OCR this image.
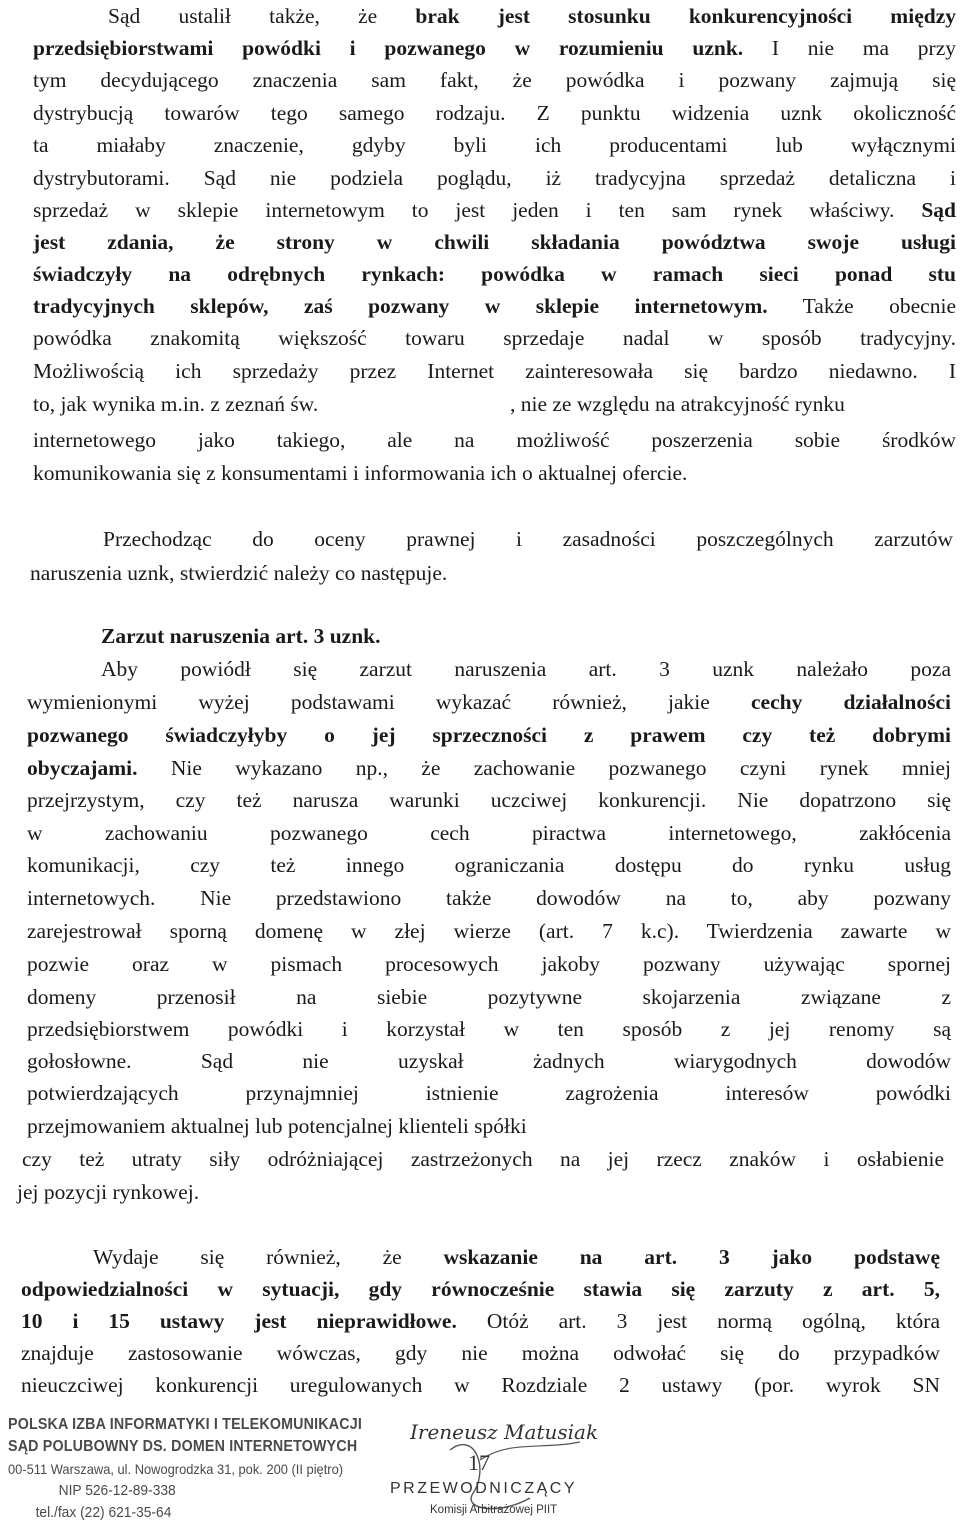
Sąd ustalił także, że brak jest stosunku konkurencyjności między
przedsiębiorstwami powódki i pozwanego w rozumieniu uznk. I nie ma przy
tym decydującego znaczenia sam fakt, że powódka i pozwany zajmują się
dystrybucją towarów tego samego rodzaju. Z punktu widzenia uznk okoliczność
ta miałaby znaczenie, gdyby byli ich producentami lub wyłącznymi
dystrybutorami. Sąd nie podziela poglądu, iż tradycyjna sprzedaż detaliczna i
sprzedaż w sklepie internetowym to jest jeden i ten sam rynek właściwy. Sąd
jest zdania, że strony w chwili składania powództwa swoje usługi
świadczyły na odrębnych rynkach: powódka w ramach sieci ponad stu
tradycyjnych sklepów, zaś pozwany w sklepie internetowym. Także obecnie
powódka znakomitą większość towaru sprzedaje nadal w sposób tradycyjny.
Możliwością ich sprzedaży przez Internet zainteresowała się bardzo niedawno. I
to, jak wynika m.in. z zeznań św.	, nie ze względu na atrakcyjność rynku
internetowego jako takiego, ale na możliwość poszerzenia sobie środków
komunikowania się z konsumentami i informowania ich o aktualnej ofercie.
Przechodząc do oceny prawnej i zasadności poszczególnych zarzutów
naruszenia uznk, stwierdzić należy co następuje.
Zarzut naruszenia art. 3 uznk.
Aby powiódł się zarzut naruszenia art. 3 uznk należało poza
wymienionymi wyżej podstawami wykazać również, jakie cechy działalności
pozwanego świadczyłyby o jej sprzeczności z prawem czy też dobrymi
obyczajami. Nie wykazano np., że zachowanie pozwanego czyni rynek mniej
przejrzystym, czy też narusza warunki uczciwej konkurencji. Nie dopatrzono się
w zachowaniu pozwanego cech piractwa internetowego, zakłócenia
komunikacji, czy też innego ograniczania dostępu do rynku usług
internetowych. Nie przedstawiono także dowodów na to, aby pozwany
zarejestrował sporną domenę w złej wierze (art. 7 k.c). Twierdzenia zawarte w
pozwie oraz w pismach procesowych jakoby pozwany używając spornej
domeny przenosił na siebie pozytywne skojarzenia związane z
przedsiębiorstwem powódki i korzystał w ten sposób z jej renomy są
gołosłowne. Sąd nie uzyskał żadnych wiarygodnych dowodów
potwierdzających przynajmniej istnienie zagrożenia interesów powódki
przejmowaniem aktualnej lub potencjalnej klienteli spółki
czy też utraty siły odróżniającej zastrzeżonych na jej rzecz znaków i osłabienie
jej pozycji rynkowej.
Wydaje się również, że wskazanie na art. 3 jako podstawę
odpowiedzialności w sytuacji, gdy równocześnie stawia się zarzuty z art. 5,
10 i 15 ustawy jest nieprawidłowe. Otóż art. 3 jest normą ogólną, która
znajduje zastosowanie wówczas, gdy nie można odwołać się do przypadków
nieuczciwej konkurencji uregulowanych w Rozdziale 2 ustawy (por. wyrok SN
POLSKA IZBA INFORMATYKI I TELEKOMUNIKACJI
SĄD POLUBOWNY DS. DOMEN INTERNETOWYCH
00-511 Warszawa, ul. Nowogrodzka 31, pok. 200 (II piętro)
NIP 526-12-89-338
tel./fax (22) 621-35-64
Ireneusz Matusiak
17
PRZEWODNICZĄCY
Komisji Arbitrażowej PIIT
